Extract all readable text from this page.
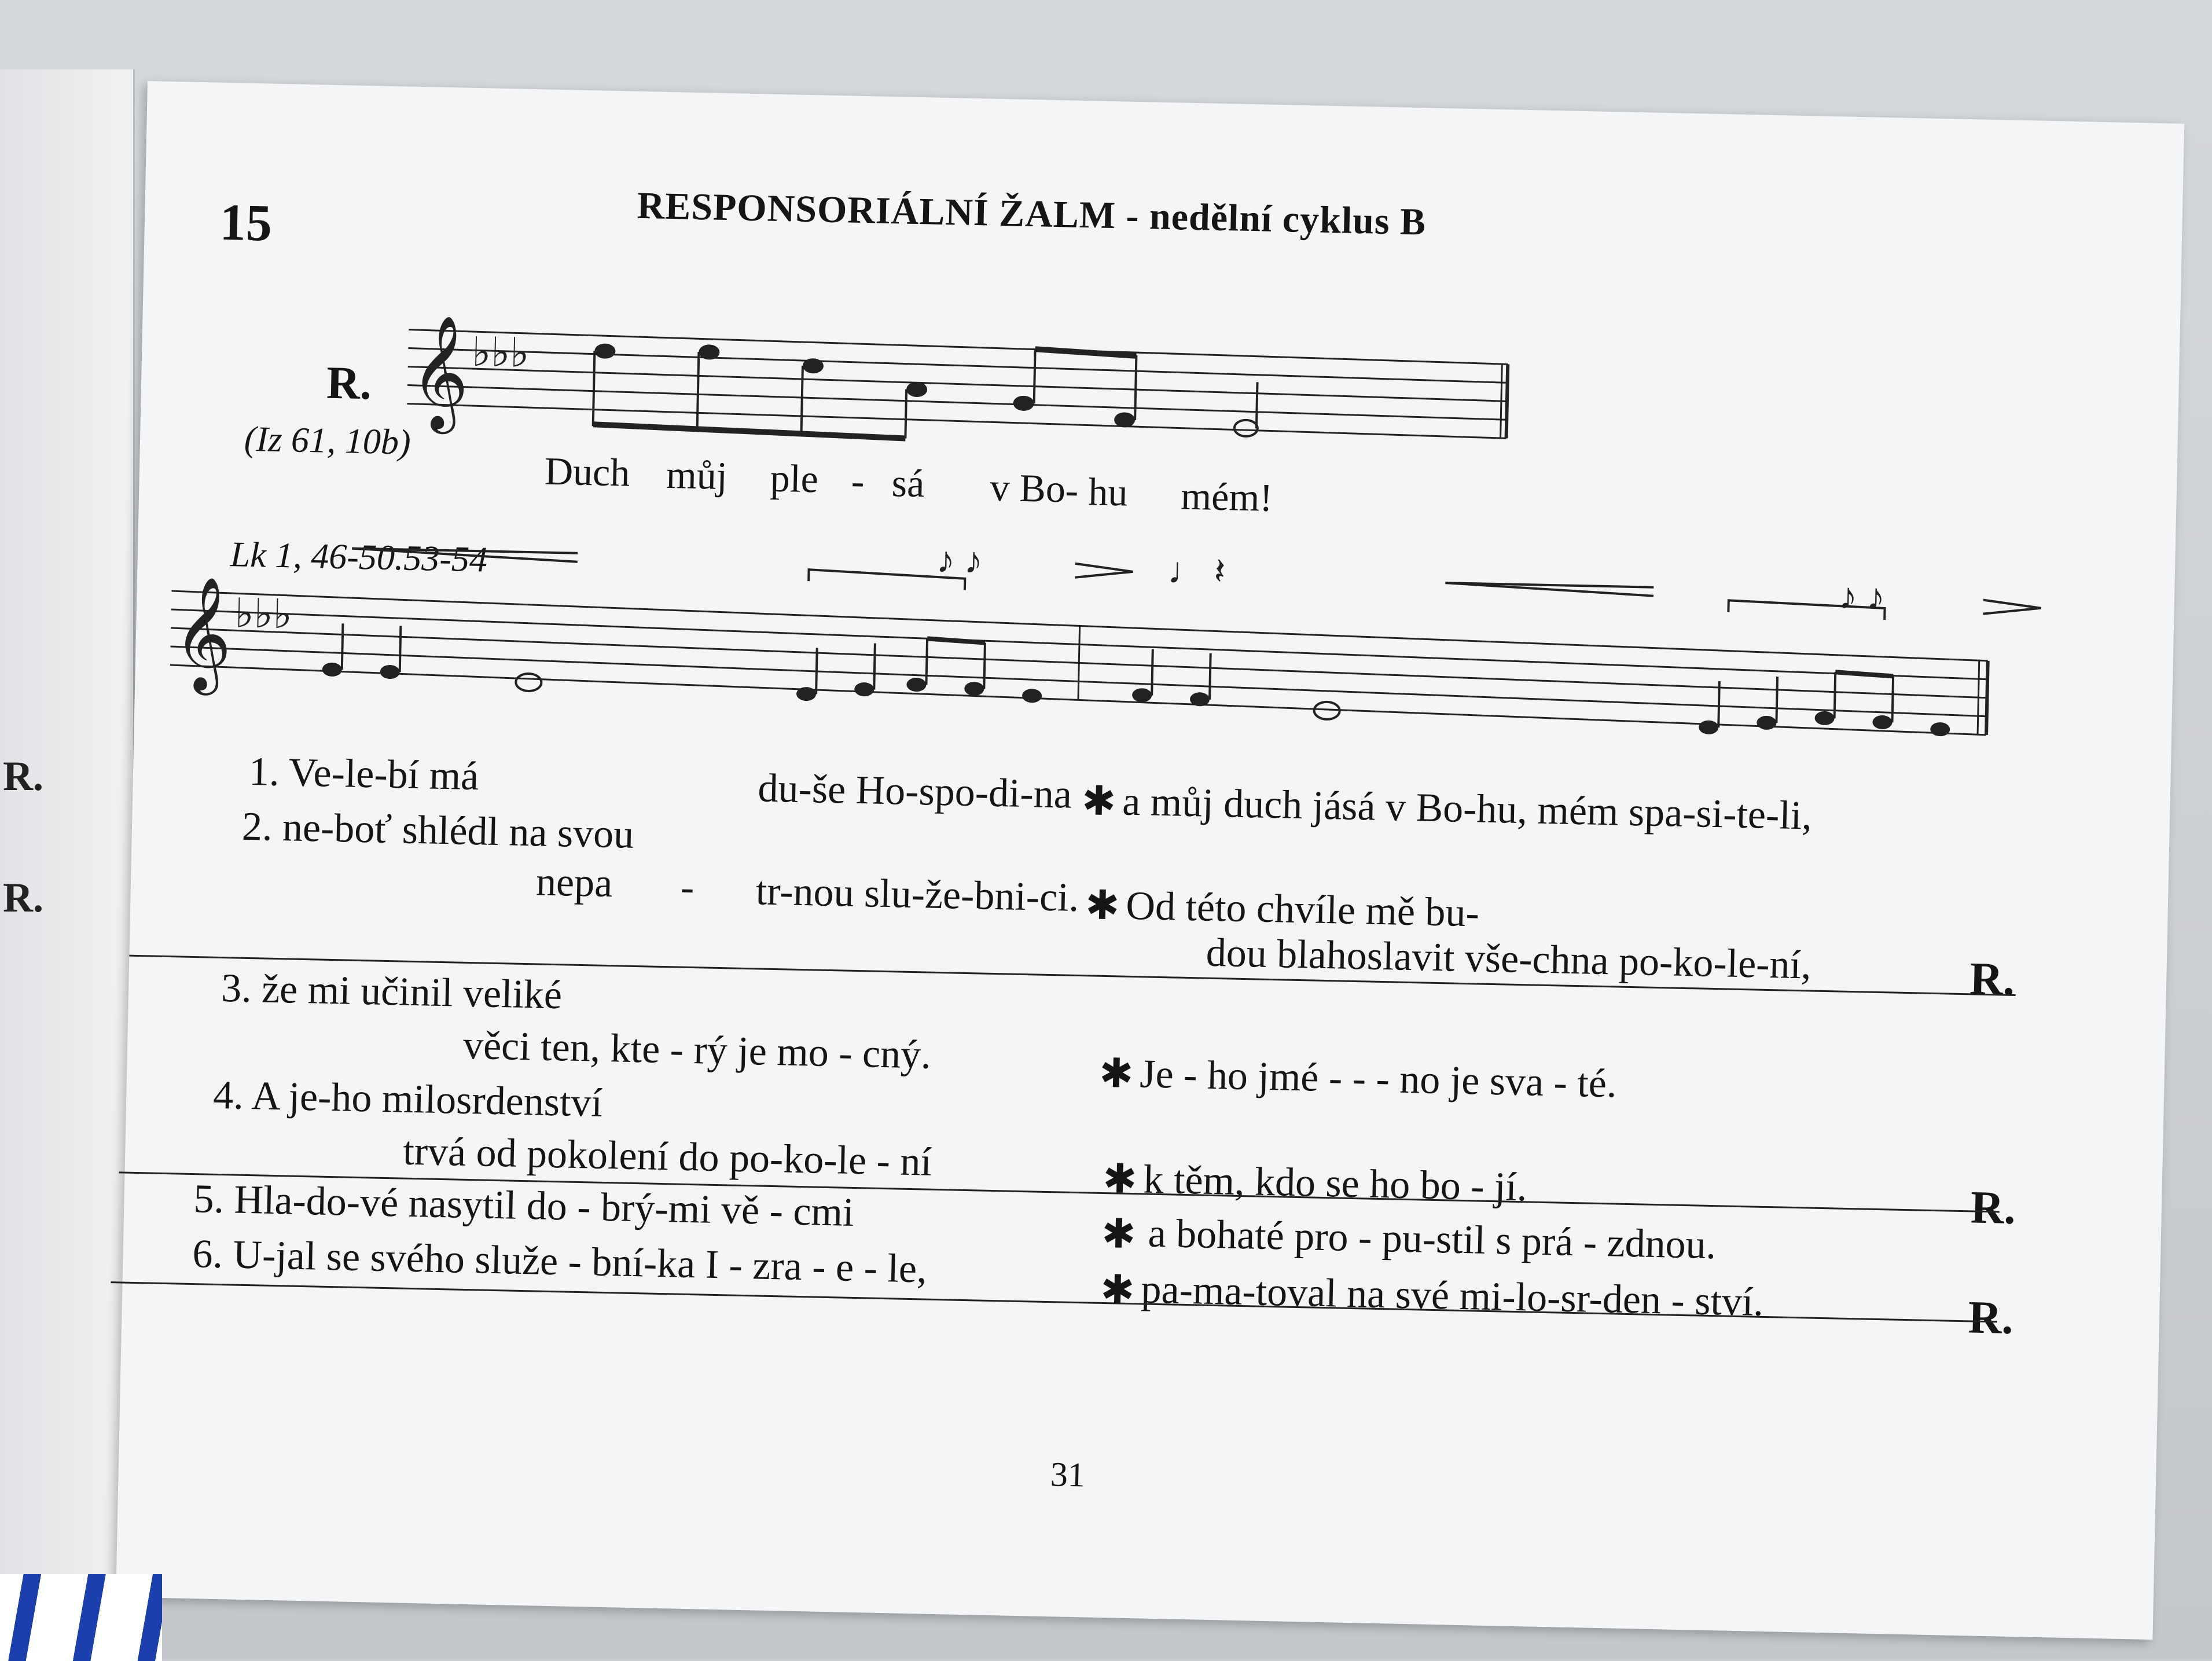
R.
R.
15	RESPONSORIÁLNÍ ŽALM - nedělní cyklus B
R.
(Iz 61, 10b)
𝄞 ♭♭♭
Duch můj ple - sá v Bo
- hu mém!
Lk 1, 46-50.53-54
𝄞 ♭♭♭
♪ ♪	♩ 𝄽
♪ ♪
1. Ve-le-bí má	du-še Ho-spo-di-na ✱ a můj duch jásá v Bo-hu, mém spa-si-te-li,
2. ne-boť shlédl na svou
nepa - tr-nou slu-že-bni-ci. ✱ Od této chvíle mě bu-
dou blahoslavit vše-chna po-ko-le-ní,	R.
3. že mi učinil veliké
věci ten, kte - rý je mo - cný.	✱ Je - ho jmé - - - no je sva - té.
4. A je-ho milosrdenství
trvá od pokolení do po-ko-le - ní	✱ k těm, kdo se ho bo - jí.	R.
5. Hla-do-vé nasytil do - brý-mi vě - cmi	✱ a bohaté pro - pu-stil s prá - zdnou.
6. U-jal se svého služe - bní-ka I - zra - e - le,	✱ pa-ma-toval na své mi-lo-sr-den - ství.	R.
31
